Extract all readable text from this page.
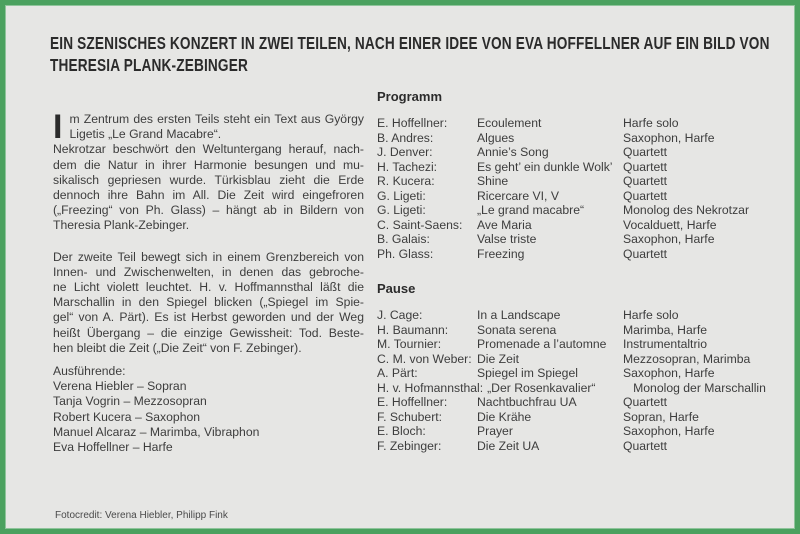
EIN SZENISCHES KONZERT IN ZWEI TEILEN, NACH EINER IDEE VON EVA HOFFELLNER AUF EIN BILD VON
THERESIA PLANK-ZEBINGER
I m Zentrum des ersten Teils steht ein Text aus György
Ligetis „Le Grand Macabre“.
Nekrotzar beschwört den Weltuntergang herauf, nach-
dem die Natur in ihrer Harmonie besungen und mu-
sikalisch gepriesen wurde. Türkisblau zieht die Erde
dennoch ihre Bahn im All. Die Zeit wird eingefroren
(„Freezing“ von Ph. Glass) – hängt ab in Bildern von
Theresia Plank-Zebinger.
Der zweite Teil bewegt sich in einem Grenzbereich von
Innen- und Zwischenwelten, in denen das gebroche-
ne Licht violett leuchtet. H. v. Hoffmannsthal läßt die
Marschallin in den Spiegel blicken („Spiegel im Spie-
gel“ von A. Pärt). Es ist Herbst geworden und der Weg
heißt Übergang – die einzige Gewissheit: Tod. Beste-
hen bleibt die Zeit („Die Zeit“ von F. Zebinger).
Ausführende:
Verena Hiebler – Sopran
Tanja Vogrin – Mezzosopran
Robert Kucera – Saxophon
Manuel Alcaraz – Marimba, Vibraphon
Eva Hoffellner – Harfe
Programm
E. Hoffellner:	Ecoulement	Harfe solo
B. Andres:	Algues	Saxophon, Harfe
J. Denver:	Annie’s Song	Quartett
H. Tachezi:	Es geht’ ein dunkle Wolk’ Quartett
R. Kucera:	Shine	Quartett
G. Ligeti:	Ricercare VI, V	Quartett
G. Ligeti:	„Le grand macabre“	Monolog des Nekrotzar
C. Saint-Saens:	Ave Maria	Vocalduett, Harfe
B. Galais:	Valse triste	Saxophon, Harfe
Ph. Glass:	Freezing	Quartett
Pause
J. Cage:	In a Landscape	Harfe solo
H. Baumann:	Sonata serena	Marimba, Harfe
M. Tournier:	Promenade a l’automne	Instrumentaltrio
C. M. von Weber: Die Zeit	Mezzosopran, Marimba
A. Pärt:	Spiegel im Spiegel	Saxophon, Harfe
H. v. Hofmannsthal: „Der Rosenkavalier“	Monolog der Marschallin
E. Hoffellner:	Nachtbuchfrau UA	Quartett
F. Schubert:	Die Krähe	Sopran, Harfe
E. Bloch:	Prayer	Saxophon, Harfe
F. Zebinger:	Die Zeit UA	Quartett
Fotocredit: Verena Hiebler, Philipp Fink
